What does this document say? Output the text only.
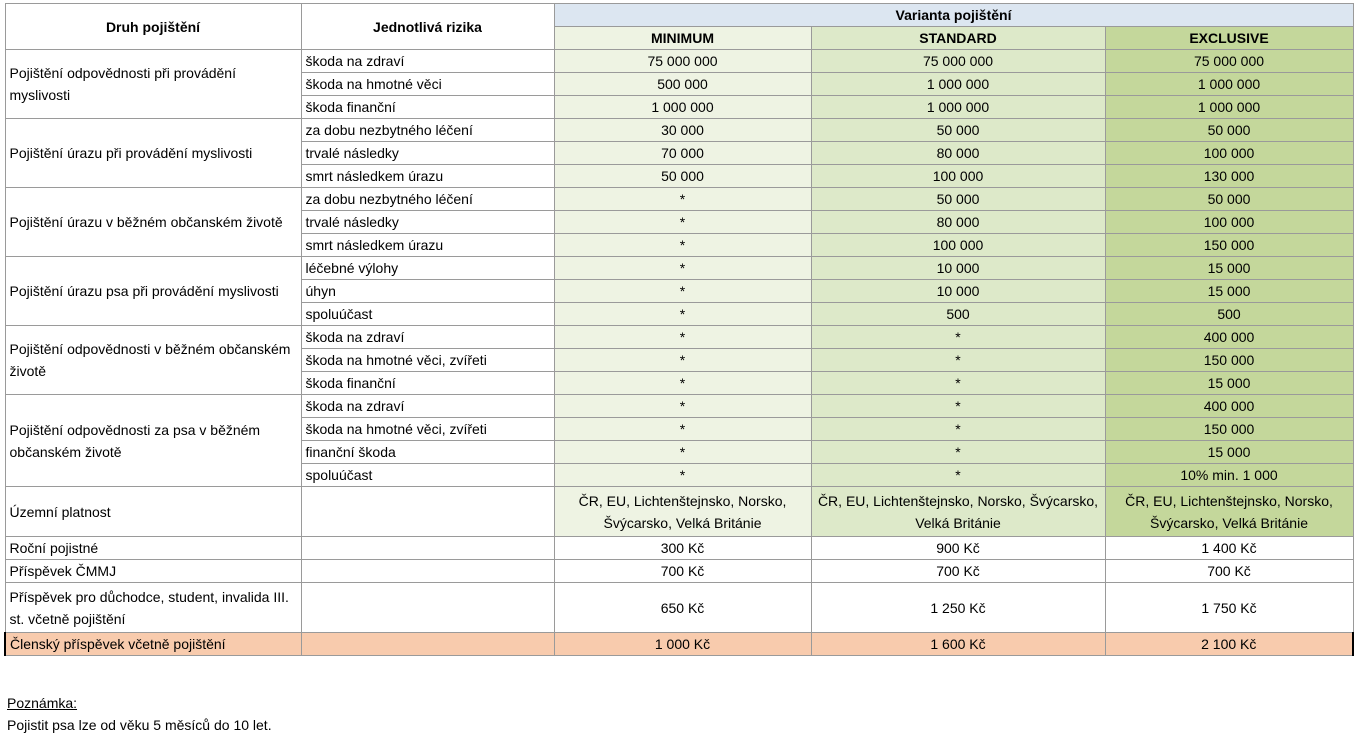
Druh pojištění	Jednotlivá rizika	Varianta pojištění		
		MINIMUM	STANDARD	EXCLUSIVE
Pojištění odpovědnosti při provádění myslivosti	škoda na zdraví	75 000 000	75 000 000	75 000 000
	škoda na hmotné věci	500 000	1 000 000	1 000 000
	škoda finanční	1 000 000	1 000 000	1 000 000
Pojištění úrazu při provádění myslivosti	za dobu nezbytného léčení	30 000	50 000	50 000
	trvalé následky	70 000	80 000	100 000
	smrt následkem úrazu	50 000	100 000	130 000
Pojištění úrazu v běžném občanském životě	za dobu nezbytného léčení	*	50 000	50 000
	trvalé následky	*	80 000	100 000
	smrt následkem úrazu	*	100 000	150 000
Pojištění úrazu psa při provádění myslivosti	léčebné výlohy	*	10 000	15 000
	úhyn	*	10 000	15 000
	spoluúčast	*	500	500
Pojištění odpovědnosti v běžném občanském životě	škoda na zdraví	*	*	400 000
	škoda na hmotné věci, zvířeti	*	*	150 000
	škoda finanční	*	*	15 000
Pojištění odpovědnosti za psa v běžném občanském životě	škoda na zdraví	*	*	400 000
	škoda na hmotné věci, zvířeti	*	*	150 000
	finanční škoda	*	*	15 000
	spoluúčast	*	*	10% min. 1 000
Územní platnost		ČR, EU, Lichtenštejnsko, Norsko, Švýcarsko, Velká Británie	ČR, EU, Lichtenštejnsko, Norsko, Švýcarsko, Velká Británie	ČR, EU, Lichtenštejnsko, Norsko, Švýcarsko, Velká Británie
Roční pojistné		300 Kč	900 Kč	1 400 Kč
Příspěvek ČMMJ		700 Kč	700 Kč	700 Kč
Příspěvek pro důchodce, student, invalida III. st. včetně pojištění		650 Kč	1 250 Kč	1 750 Kč
Členský příspěvek včetně pojištění		1 000 Kč	1 600 Kč	2 100 Kč
Poznámka:
Pojistit psa lze od věku 5 měsíců do 10 let.
